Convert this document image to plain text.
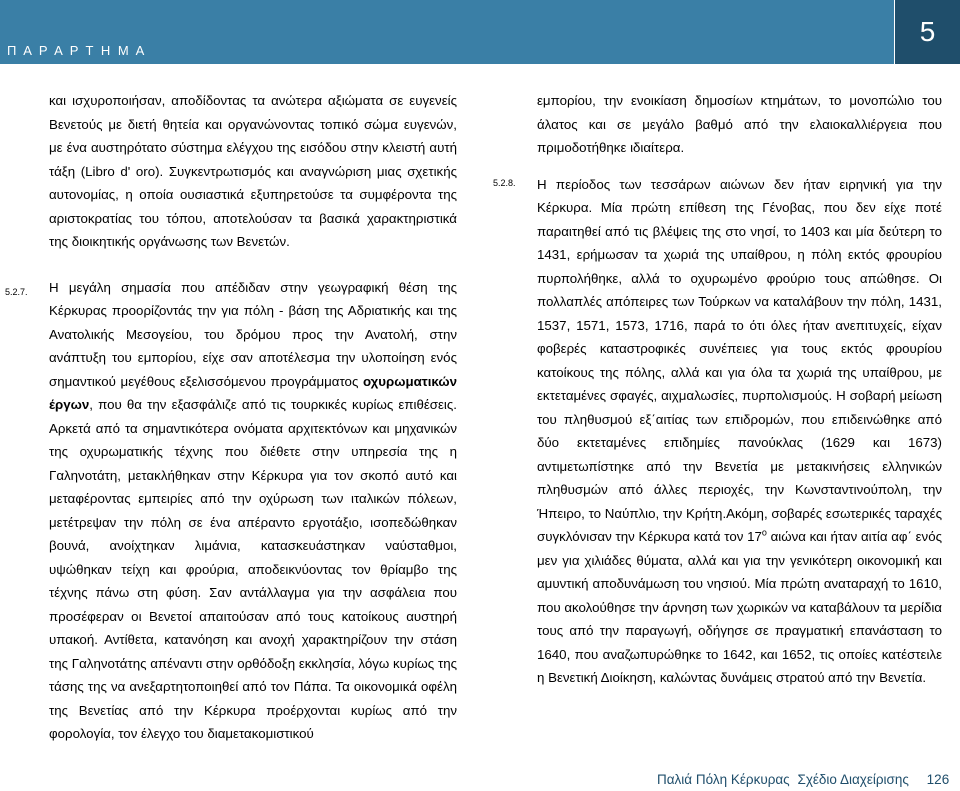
Π Α Ρ Α Ρ Τ Η Μ Α
5

και ισχυροποιήσαν, αποδίδοντας τα ανώτερα αξιώματα σε ευγενείς Βενετούς με διετή θητεία και οργανώνοντας τοπικό σώμα ευγενών, με ένα αυστηρότατο σύστημα ελέγχου της εισόδου στην κλειστή αυτή τάξη (Libro d' oro). Συγκεντρωτισμός και αναγνώριση μιας σχετικής αυτονομίας, η οποία ουσιαστικά εξυπηρετούσε τα συμφέροντα της αριστοκρατίας του τόπου, αποτελούσαν τα βασικά χαρακτηριστικά της διοικητικής οργάνωσης των Βενετών.

Η μεγάλη σημασία που απέδιδαν στην γεωγραφική θέση της Κέρκυρας προορίζοντάς την για πόλη - βάση της Αδριατικής και της Ανατολικής Μεσογείου, του δρόμου προς την Ανατολή, στην ανάπτυξη του εμπορίου, είχε σαν αποτέλεσμα την υλοποίηση ενός σημαντικού μεγέθους εξελισσόμενου προγράμματος οχυρωματικών έργων, που θα την εξασφάλιζε από τις τουρκικές κυρίως επιθέσεις. Αρκετά από τα σημαντικότερα ονόματα αρχιτεκτόνων και μηχανικών της οχυρωματικής τέχνης που διέθετε στην υπηρεσία της η Γαληνοτάτη, μετακλήθηκαν στην Κέρκυρα για τον σκοπό αυτό και μεταφέροντας εμπειρίες από την οχύρωση των ιταλικών πόλεων, μετέτρεψαν την πόλη σε ένα απέραντο εργοτάξιο, ισοπεδώθηκαν βουνά, ανοίχτηκαν λιμάνια, κατασκευάστηκαν ναύσταθμοι, υψώθηκαν τείχη και φρούρια, αποδεικνύοντας τον θρίαμβο της τέχνης πάνω στη φύση. Σαν αντάλλαγμα για την ασφάλεια που προσέφεραν οι Βενετοί απαιτούσαν από τους κατοίκους αυστηρή υπακοή. Αντίθετα, κατανόηση και ανοχή χαρακτηρίζουν την στάση της Γαληνοτάτης απέναντι στην ορθόδοξη εκκλησία, λόγω κυρίως της τάσης της να ανεξαρτητοποιηθεί από τον Πάπα. Τα οικονομικά οφέλη της Βενετίας από την Κέρκυρα προέρχονται κυρίως από την φορολογία, τον έλεγχο του διαμετακομιστικού

5.2.7.

εμπορίου, την ενοικίαση δημοσίων κτημάτων, το μονοπώλιο του άλατος και σε μεγάλο βαθμό από την ελαιοκαλλιέργεια που πριμοδοτήθηκε ιδιαίτερα.

Η περίοδος των τεσσάρων αιώνων δεν ήταν ειρηνική για την Κέρκυρα. Μία πρώτη επίθεση της Γένοβας, που δεν είχε ποτέ παραιτηθεί από τις βλέψεις της στο νησί, το 1403 και μία δεύτερη το 1431, ερήμωσαν τα χωριά της υπαίθρου, η πόλη εκτός φρουρίου πυρπολήθηκε, αλλά το οχυρωμένο φρούριο τους απώθησε. Οι πολλαπλές απόπειρες των Τούρκων να καταλάβουν την πόλη, 1431, 1537, 1571, 1573, 1716, παρά το ότι όλες ήταν ανεπιτυχείς, είχαν φοβερές καταστροφικές συνέπειες για τους εκτός φρουρίου κατοίκους της πόλης, αλλά και για όλα τα χωριά της υπαίθρου, με εκτεταμένες σφαγές, αιχμαλωσίες, πυρπολισμούς. Η σοβαρή μείωση του πληθυσμού εξ΄αιτίας των επιδρομών, που επιδεινώθηκε από δύο εκτεταμένες επιδημίες πανούκλας (1629 και 1673) αντιμετωπίστηκε από την Βενετία με μετακινήσεις ελληνικών πληθυσμών από άλλες περιοχές, την Κωνσταντινούπολη, την Ήπειρο, το Ναύπλιο, την Κρήτη.Ακόμη, σοβαρές εσωτερικές ταραχές συγκλόνισαν την Κέρκυρα κατά τον $17^o$ αιώνα και ήταν αιτία αφ΄ ενός μεν για χιλιάδες θύματα, αλλά και για την γενικότερη οικονομική και αμυντική αποδυνάμωση του νησιού. Μία πρώτη αναταραχή το 1610, που ακολούθησε την άρνηση των χωρικών να καταβάλουν τα μερίδια τους από την παραγωγή, οδήγησε σε πραγματική επανάσταση το 1640, που αναζωπυρώθηκε το 1642, και 1652, τις οποίες κατέστειλε η Βενετική Διοίκηση, καλώντας δυνάμεις στρατού από την Βενετία.

5.2.8.
Παλιά Πόλη Κέρκυρας Σχέδιο Διαχείρισης 126
